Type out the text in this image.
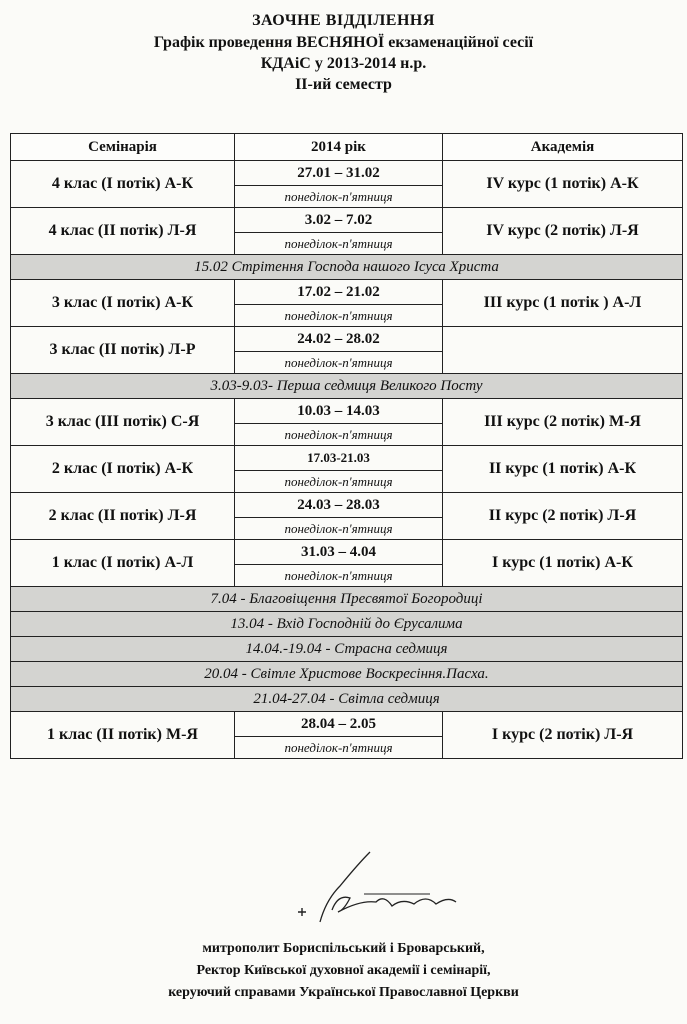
ЗАОЧНЕ ВІДДІЛЕННЯ
Графік проведення ВЕСНЯНОЇ екзаменаційної сесії
КДАіС у 2013-2014 н.р.
ІІ-ий семестр
Семінарія	2014 рік	Академія
4 клас (І потік) А-К	27.01 – 31.02	IV курс (1 потік) А-К
	понеділок-п'ятниця	
4 клас (ІІ потік) Л-Я	3.02 – 7.02	IV курс (2 потік) Л-Я
	понеділок-п'ятниця	
15.02 Стрітення Господа нашого Ісуса Христа		
3 клас (І потік) А-К	17.02 – 21.02	ІІІ курс (1 потік ) А-Л
	понеділок-п'ятниця	
3 клас (ІІ потік) Л-Р	24.02 – 28.02	
	понеділок-п'ятниця	
3.03-9.03- Перша седмиця Великого Посту		
3 клас (ІІІ потік) С-Я	10.03 – 14.03	ІІІ курс (2 потік) М-Я
	понеділок-п'ятниця	
2 клас (І потік) А-К	17.03-21.03	ІІ курс (1 потік) А-К
	понеділок-п'ятниця	
2 клас (ІІ потік) Л-Я	24.03 – 28.03	ІІ курс (2 потік) Л-Я
	понеділок-п'ятниця	
1 клас (І потік) А-Л	31.03 – 4.04	І курс (1 потік) А-К
	понеділок-п'ятниця	
7.04 - Благовіщення Пресвятої Богородиці		
13.04 - Вхід Господній до Єрусалима		
14.04.-19.04 - Страсна седмиця		
20.04 - Світле Христове Воскресіння.Пасха.		
21.04-27.04 - Світла седмиця		
1 клас (ІІ потік) М-Я	28.04 – 2.05	І курс (2 потік) Л-Я
	понеділок-п'ятниця	
митрополит Бориспільський і Броварський,
Ректор Київської духовної академії і семінарії,
керуючий справами Української Православної Церкви
